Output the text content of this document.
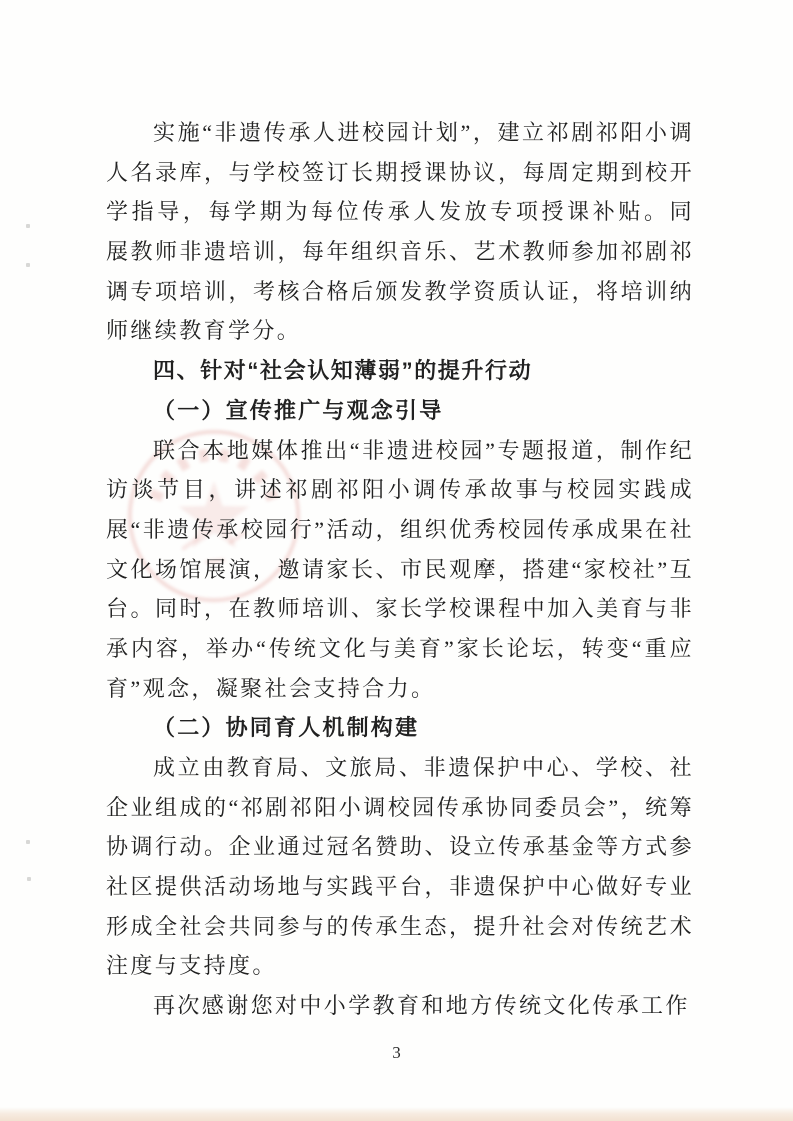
实施“非遗传承人进校园计划”，建立祁剧祁阳小调
人名录库，与学校签订长期授课协议，每周定期到校开
学指导，每学期为每位传承人发放专项授课补贴。同
展教师非遗培训，每年组织音乐、艺术教师参加祁剧祁
调专项培训，考核合格后颁发教学资质认证，将培训纳
师继续教育学分。
四、针对“社会认知薄弱”的提升行动
（一）宣传推广与观念引导
联合本地媒体推出“非遗进校园”专题报道，制作纪
访谈节目，讲述祁剧祁阳小调传承故事与校园实践成
展“非遗传承校园行”活动，组织优秀校园传承成果在社
文化场馆展演，邀请家长、市民观摩，搭建“家校社”互
台。同时，在教师培训、家长学校课程中加入美育与非
承内容，举办“传统文化与美育”家长论坛，转变“重应
育”观念，凝聚社会支持合力。
（二）协同育人机制构建
成立由教育局、文旅局、非遗保护中心、学校、社
企业组成的“祁剧祁阳小调校园传承协同委员会”，统筹
协调行动。企业通过冠名赞助、设立传承基金等方式参
社区提供活动场地与实践平台，非遗保护中心做好专业
形成全社会共同参与的传承生态，提升社会对传统艺术
注度与支持度。
再次感谢您对中小学教育和地方传统文化传承工作
3
